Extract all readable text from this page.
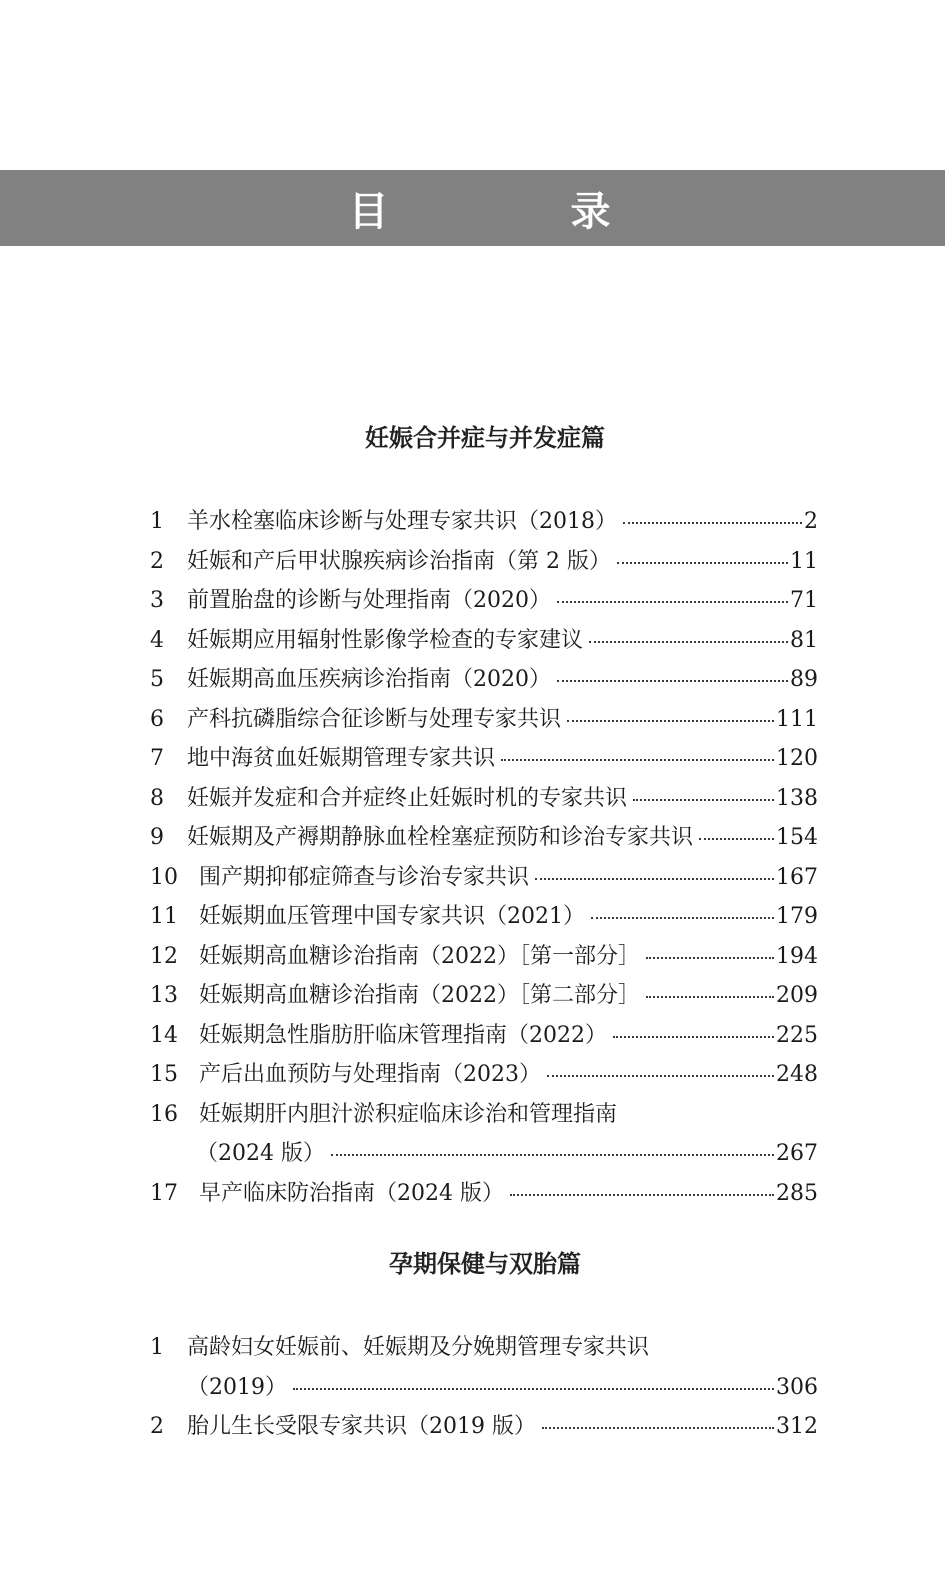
目 录
妊娠合并症与并发症篇
1	羊水栓塞临床诊断与处理专家共识（2018）	2
2	妊娠和产后甲状腺疾病诊治指南（第 2 版）	11
3	前置胎盘的诊断与处理指南（2020）	71
4	妊娠期应用辐射性影像学检查的专家建议	81
5	妊娠期高血压疾病诊治指南（2020）	89
6	产科抗磷脂综合征诊断与处理专家共识	111
7	地中海贫血妊娠期管理专家共识	120
8	妊娠并发症和合并症终止妊娠时机的专家共识	138
9	妊娠期及产褥期静脉血栓栓塞症预防和诊治专家共识	154
10 围产期抑郁症筛查与诊治专家共识	167
11 妊娠期血压管理中国专家共识（2021）	179
12 妊娠期高血糖诊治指南（2022）［第一部分］	194
13 妊娠期高血糖诊治指南（2022）［第二部分］	209
14 妊娠期急性脂肪肝临床管理指南（2022）	225
15 产后出血预防与处理指南（2023）	248
16 妊娠期肝内胆汁淤积症临床诊治和管理指南
（2024 版）	267
17 早产临床防治指南（2024 版）	285
孕期保健与双胎篇
1	高龄妇女妊娠前、妊娠期及分娩期管理专家共识
（2019）	306
2	胎儿生长受限专家共识（2019 版）	312
